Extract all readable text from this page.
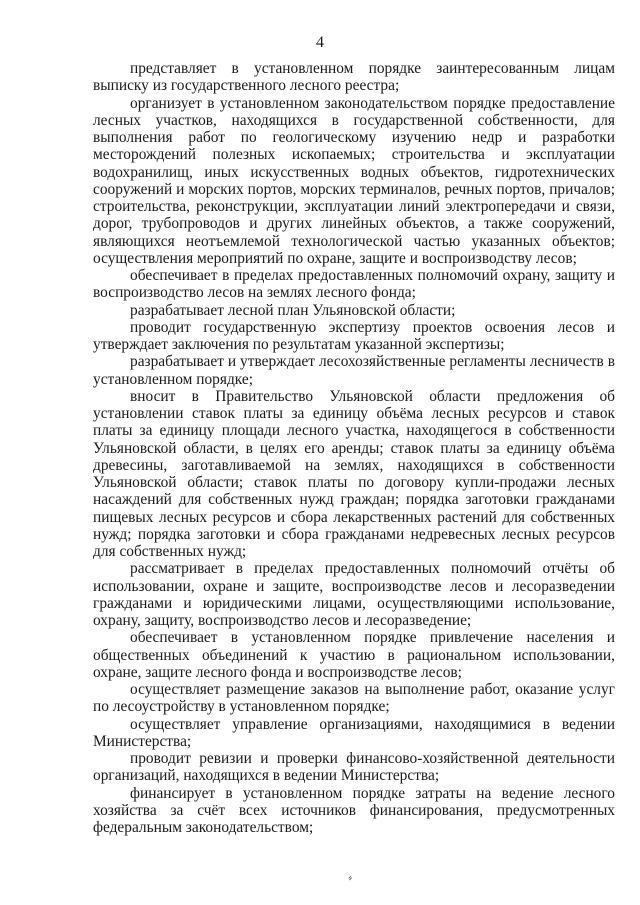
4

представляет в установленном порядке заинтересованным лицам выписку из государственного лесного реестра;

организует в установленном законодательством порядке предоставление лесных участков, находящихся в государственной собственности, для выполнения работ по геологическому изучению недр и разработки месторождений полезных ископаемых; строительства и эксплуатации водохранилищ, иных искусственных водных объектов, гидротехнических сооружений и морских портов, морских терминалов, речных портов, причалов; строительства, реконструкции, эксплуатации линий электропередачи и связи, дорог, трубопроводов и других линейных объектов, а также сооружений, являющихся неотъемлемой технологической частью указанных объектов; осуществления мероприятий по охране, защите и воспроизводству лесов;

обеспечивает в пределах предоставленных полномочий охрану, защиту и воспроизводство лесов на землях лесного фонда;

разрабатывает лесной план Ульяновской области;

проводит государственную экспертизу проектов освоения лесов и утверждает заключения по результатам указанной экспертизы;

разрабатывает и утверждает лесохозяйственные регламенты лесничеств в установленном порядке;

вносит в Правительство Ульяновской области предложения об установлении ставок платы за единицу объёма лесных ресурсов и ставок платы за единицу площади лесного участка, находящегося в собственности Ульяновской области, в целях его аренды; ставок платы за единицу объёма древесины, заготавливаемой на землях, находящихся в собственности Ульяновской области; ставок платы по договору купли-продажи лесных насаждений для собственных нужд граждан; порядка заготовки гражданами пищевых лесных ресурсов и сбора лекарственных растений для собственных нужд; порядка заготовки и сбора гражданами недревесных лесных ресурсов для собственных нужд;

рассматривает в пределах предоставленных полномочий отчёты об использовании, охране и защите, воспроизводстве лесов и лесоразведении гражданами и юридическими лицами, осуществляющими использование, охрану, защиту, воспроизводство лесов и лесоразведение;

обеспечивает в установленном порядке привлечение населения и общественных объединений к участию в рациональном использовании, охране, защите лесного фонда и воспроизводстве лесов;

осуществляет размещение заказов на выполнение работ, оказание услуг по лесоустройству в установленном порядке;

осуществляет управление организациями, находящимися в ведении Министерства;

проводит ревизии и проверки финансово-хозяйственной деятельности организаций, находящихся в ведении Министерства;

финансирует в установленном порядке затраты на ведение лесного хозяйства за счёт всех источников финансирования, предусмотренных федеральным законодательством;

⸗
